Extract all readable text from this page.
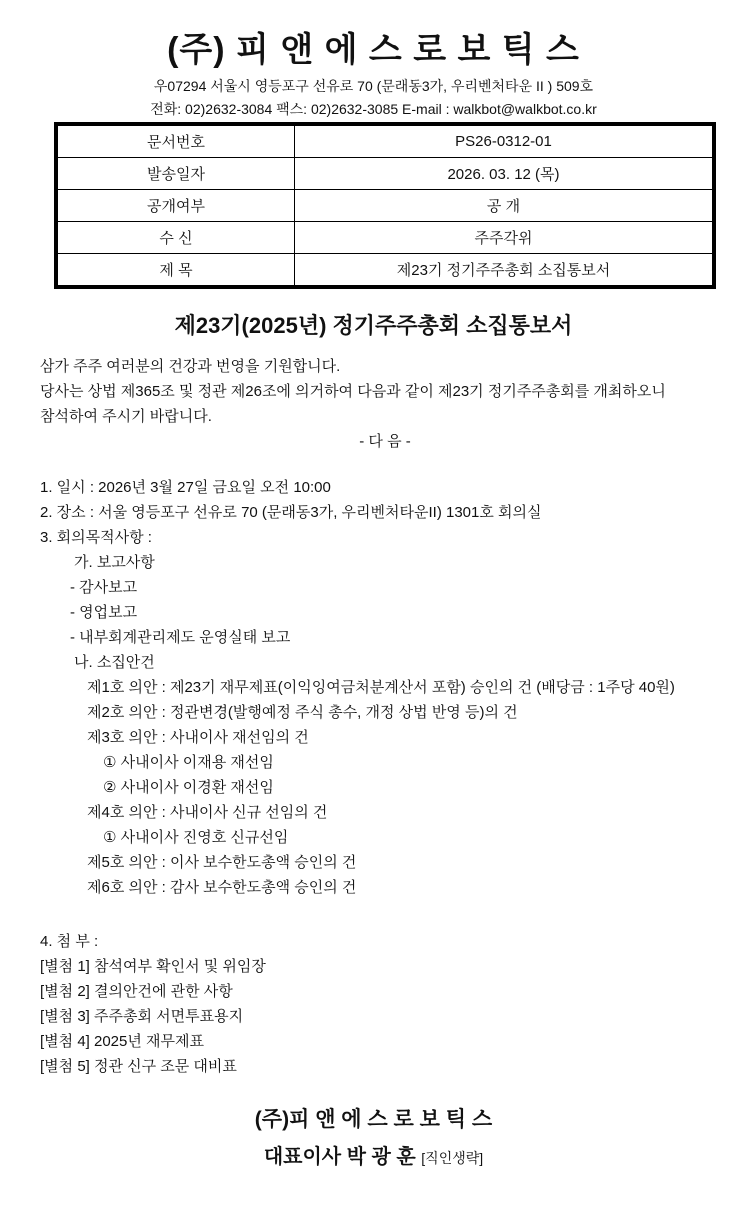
(주) 피 앤 에 스 로 보 틱 스
우07294 서울시 영등포구 선유로 70 (문래동3가, 우리벤처타운 II ) 509호
전화: 02)2632-3084 팩스: 02)2632-3085 E-mail : walkbot@walkbot.co.kr
문서번호	PS26-0312-01
발송일자	2026. 03. 12 (목)
공개여부	공 개
수 신	주주각위
제 목	제23기 정기주주총회 소집통보서
제23기(2025년) 정기주주총회 소집통보서
삼가 주주 여러분의 건강과 번영을 기원합니다.
당사는 상법 제365조 및 정관 제26조에 의거하여 다음과 같이 제23기 정기주주총회를 개최하오니
참석하여 주시기 바랍니다.
- 다 음 -
1. 일시 : 2026년 3월 27일 금요일 오전 10:00
2. 장소 : 서울 영등포구 선유로 70 (문래동3가, 우리벤처타운II) 1301호 회의실
3. 회의목적사항 :
가. 보고사항
- 감사보고
- 영업보고
- 내부회계관리제도 운영실태 보고
나. 소집안건
제1호 의안 : 제23기 재무제표(이익잉여금처분계산서 포함) 승인의 건 (배당금 : 1주당 40원)
제2호 의안 : 정관변경(발행예정 주식 총수, 개정 상법 반영 등)의 건
제3호 의안 : 사내이사 재선임의 건
① 사내이사 이재용 재선임
② 사내이사 이경환 재선임
제4호 의안 : 사내이사 신규 선임의 건
① 사내이사 진영호 신규선임
제5호 의안 : 이사 보수한도총액 승인의 건
제6호 의안 : 감사 보수한도총액 승인의 건
4. 첨 부 :
[별첨 1] 참석여부 확인서 및 위임장
[별첨 2] 결의안건에 관한 사항
[별첨 3] 주주총회 서면투표용지
[별첨 4] 2025년 재무제표
[별첨 5] 정관 신구 조문 대비표
(주)피 앤 에 스 로 보 틱 스
대표이사 박 광 훈 [직인생략]
